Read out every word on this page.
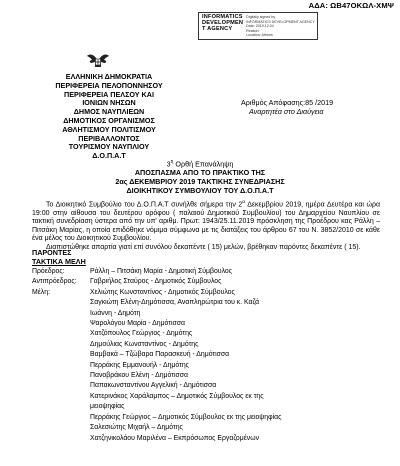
ΑΔΑ: ΩΒ47ΟΚΩΛ-ΧΜΨ
INFORMATICS
DEVELOPMEN
T AGENCY
Digitally signed by
INFORMATICS DEVELOPMENT AGENCY
Date: 2019.12.04
Reason:
Location: Athens
ΕΛΛΗΝΙΚΗ ΔΗΜΟΚΡΑΤΙΑ
ΠΕΡΙΦΕΡΕΙΑ ΠΕΛΟΠΟΝΝΗΣΟΥ
ΠΕΡΙΦΕΡΕΙΑ ΠΕΛΣΟΥ ΚΑΙ
ΙΟΝΙΩΝ ΝΗΣΩΝ
ΔΗΜΟΣ ΝΑΥΠΛΙΕΩΝ
ΔΗΜΟΤΙΚΟΣ ΟΡΓΑΝΙΣΜΟΣ
ΑΘΛΗΤΙΣΜΟΥ ΠΟΛΙΤΙΣΜΟΥ
ΠΕΡΙΒΑΛΛΟΝΤΟΣ
ΤΟΥΡΙΣΜΟΥ ΝΑΥΠΛΙΟΥ
Δ.Ο.Π.Α.Τ
Αριθμός Απόφασης:85 /2019
Αναρτητέα στο Διαύγεια
$3^\eta$ Ορθή Επανάληψη
ΑΠΟΣΠΑΣΜΑ ΑΠΟ ΤΟ ΠΡΑΚΤΙΚΟ ΤΗΣ
2ας ΔΕΚΕΜΒΡΙΟΥ 2019 ΤΑΚΤΙΚΗΣ ΣΥΝΕΔΡΙΑΣΗΣ
ΔΙΟΙΚΗΤΙΚΟΥ ΣΥΜΒΟΥΛΙΟΥ ΤΟΥ Δ.Ο.Π.Α.Τ

Το Διοικητικό Συμβούλιο του Δ.Ο.Π.Α.Τ συνήλθε σήμερα την $2^\alpha$ Δεκεμβρίου 2019, ημέρα Δευτέρα και ώρα 19:00 στην αίθουσα του δευτέρου ορόφου ( παλαιού Δημοτικού Συμβουλίου) του Δημαρχείου Ναυπλίου σε τακτική συνεδρίαση ύστερα από την υπ' αριθμ. Πρωτ: 1943/25.11.2019 πρόσκληση της Προέδρου κας Ράλλη – Πιτσάκη Μαρίας, η οποία επιδόθηκε νόμιμα σύμφωνα με τις διατάξεις του άρθρου 67 του Ν. 3852/2010 σε κάθε ένα μέλος του Διοικητικού Συμβουλίου.

Διαπιστώθηκε απαρτία γιατί επί συνόλου δεκαπέντε ( 15) μελών, βρέθηκαν παρόντες δεκαπέντε ( 15).

ΠΑΡΟΝΤΕΣ
ΤΑΚΤΙΚΑ ΜΕΛΗ
Πρόεδρος:	Ράλλη – Πιτσάκη Μαρία - Δημοτική Σύμβουλος
Αντιπρόεδρος:	Γαβριήλος Σταύρος - Δημοτικός Σύμβουλος
Μέλη:	Χελιώτης Κωνσταντίνος - Δημοτικός Σύμβουλος
Σαγκιώτη Ελένη-Δημότισσα, Αναπληρώτρια του κ. Καζά
Ιωάννη - Δημότη
Ψαρολόγου Μαρία - Δημότισσα
Χατζόπουλος Γεώργιος - Δημότης
Δημούλιας Κωνσταντίνος - Δημότης
Βαμβακά – Τζώβαρα Παρασκευή - Δημότισσα
Περράκης Εμμανουήλ - Δημότης
Πανοβράκου Ελένη - Δημότισσα
Παπακωνσταντίνου Αγγελική - Δημότισσα
Κατερινάκος Χαράλαμπος – Δημοτικός Σύμβουλος εκ της
μειοψηφίας
Περράκης Γεώργιος – Δημοτικός Σύμβουλος εκ της μειοψηφίας
Σαλεσιώτης Μιχαήλ – Δημότης
Χατζηνικολάου Μαριλένα – Εκπρόσωπος Εργαζομένων
